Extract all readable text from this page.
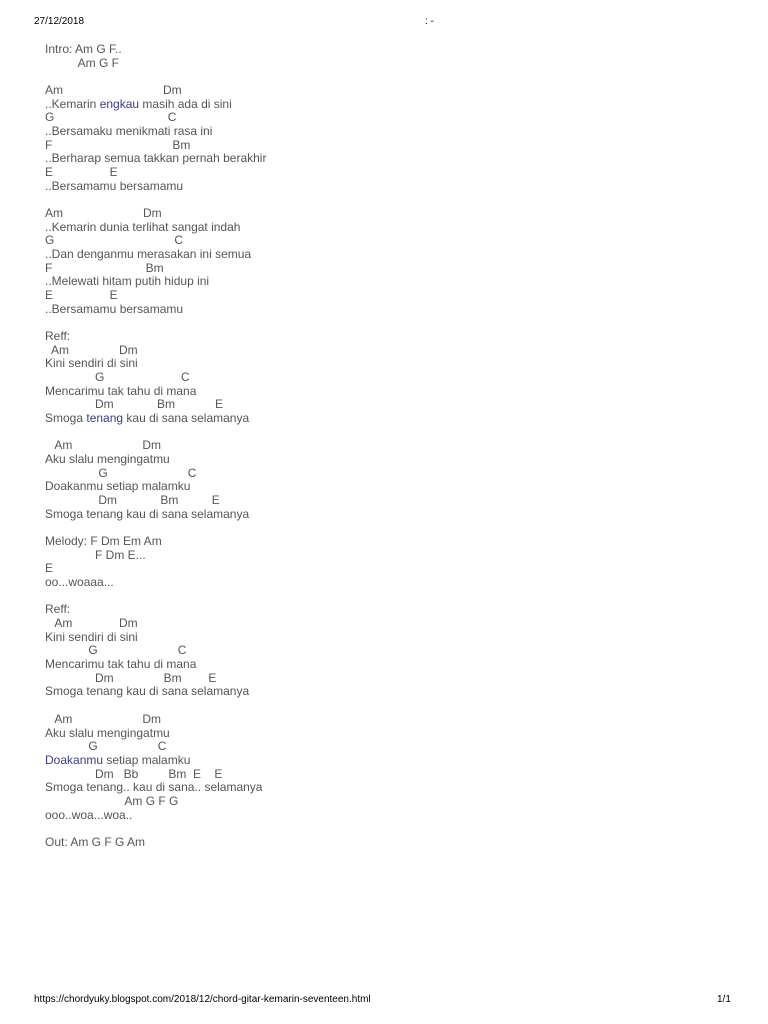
27/12/2018	: -
Intro: Am G F..
Am G F
Am                              Dm
..Kemarin engkau masih ada di sini
G                                  C
..Bersamaku menikmati rasa ini
F                                    Bm
..Berharap semua takkan pernah berakhir
E                 E
..Bersamamu bersamamu
Am                        Dm
..Kemarin dunia terlihat sangat indah
G                                    C
..Dan denganmu merasakan ini semua
F                            Bm
..Melewati hitam putih hidup ini
E                 E
..Bersamamu bersamamu
Reff:
Am               Dm
Kini sendiri di sini
G                       C
Mencarimu tak tahu di mana
Dm             Bm            E
Smoga tenang kau di sana selamanya
Am                     Dm
Aku slalu mengingatmu
G                        C
Doakanmu setiap malamku
Dm             Bm          E
Smoga tenang kau di sana selamanya
Melody: F Dm Em Am
F Dm E...
E
oo...woaaa...
Reff:
Am              Dm
Kini sendiri di sini
G                        C
Mencarimu tak tahu di mana
Dm               Bm        E
Smoga tenang kau di sana selamanya
Am                     Dm
Aku slalu mengingatmu
G                  C
Doakanmu setiap malamku
Dm   Bb         Bm  E    E
Smoga tenang.. kau di sana.. selamanya
Am G F G
ooo..woa...woa..
Out: Am G F G Am
https://chordyuky.blogspot.com/2018/12/chord-gitar-kemarin-seventeen.html	1/1
